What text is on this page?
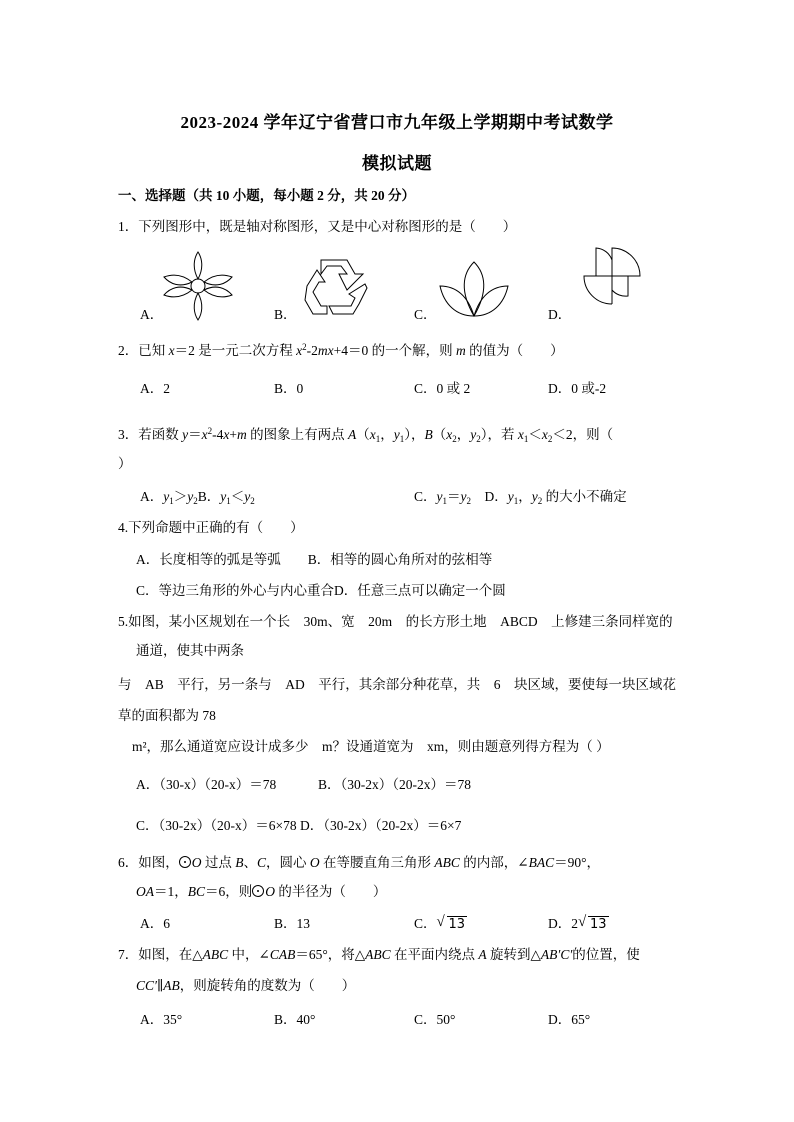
2023-2024 学年辽宁省营口市九年级上学期期中考试数学
模拟试题
一、选择题（共 10 小题，每小题 2 分，共 20 分）
1．下列图形中，既是轴对称图形，又是中心对称图形的是（　　）
A．	B．	C．	D．
2．已知 x＝2 是一元二次方程 $x^2-2mx+4=0$ 的一个解，则 m 的值为（　　）
A．2	B．0	C．0 或 2	D．0 或-2
3．若函数 $y=x^2-4x+m$ 的图象上有两点 $A(x_1$，$y_1$），$B(x_2$，$y_2$），若 $x_1<x_2<2$，则（
）
A．$y_1>y_2B$．$y_1<y_2$	C．$y_1=y_2$　D．$y_1$，$y_2$ 的大小不确定
4.下列命题中正确的有（　　）
A．长度相等的弧是等弧　　B．相等的圆心角所对的弦相等
C．等边三角形的外心与内心重合D．任意三点可以确定一个圆
5.如图，某小区规划在一个长　30m、宽　20m　的长方形土地　ABCD　上修建三条同样宽的
通道，使其中两条
与　AB　平行，另一条与　AD　平行，其余部分种花草，共　6　块区域，要使每一块区域花
草的面积都为 78
m²，那么通道宽应设计成多少　m？设通道宽为　xm，则由题意列得方程为（ ）
A．（30-x）（20-x）＝78	B．（30-2x）（20-2x）＝78
C．（30-2x）（20-x）＝6×78 D．（30-2x）（20-2x）＝6×7
6．如图， O 过点 B、C，圆心 O 在等腰直角三角形 ABC 的内部，∠BAC＝90°，
OA＝1，BC＝6，则 O 的半径为（　　）
A．6	B．13	C． √ 13	D．2 √ 13
7．如图，在△ABC 中，∠CAB＝65°，将△ABC 在平面内绕点 A 旋转到△AB′C′的位置，使
CC′∥AB，则旋转角的度数为（　　）
A．35°	B．40°	C．50°	D．65°
